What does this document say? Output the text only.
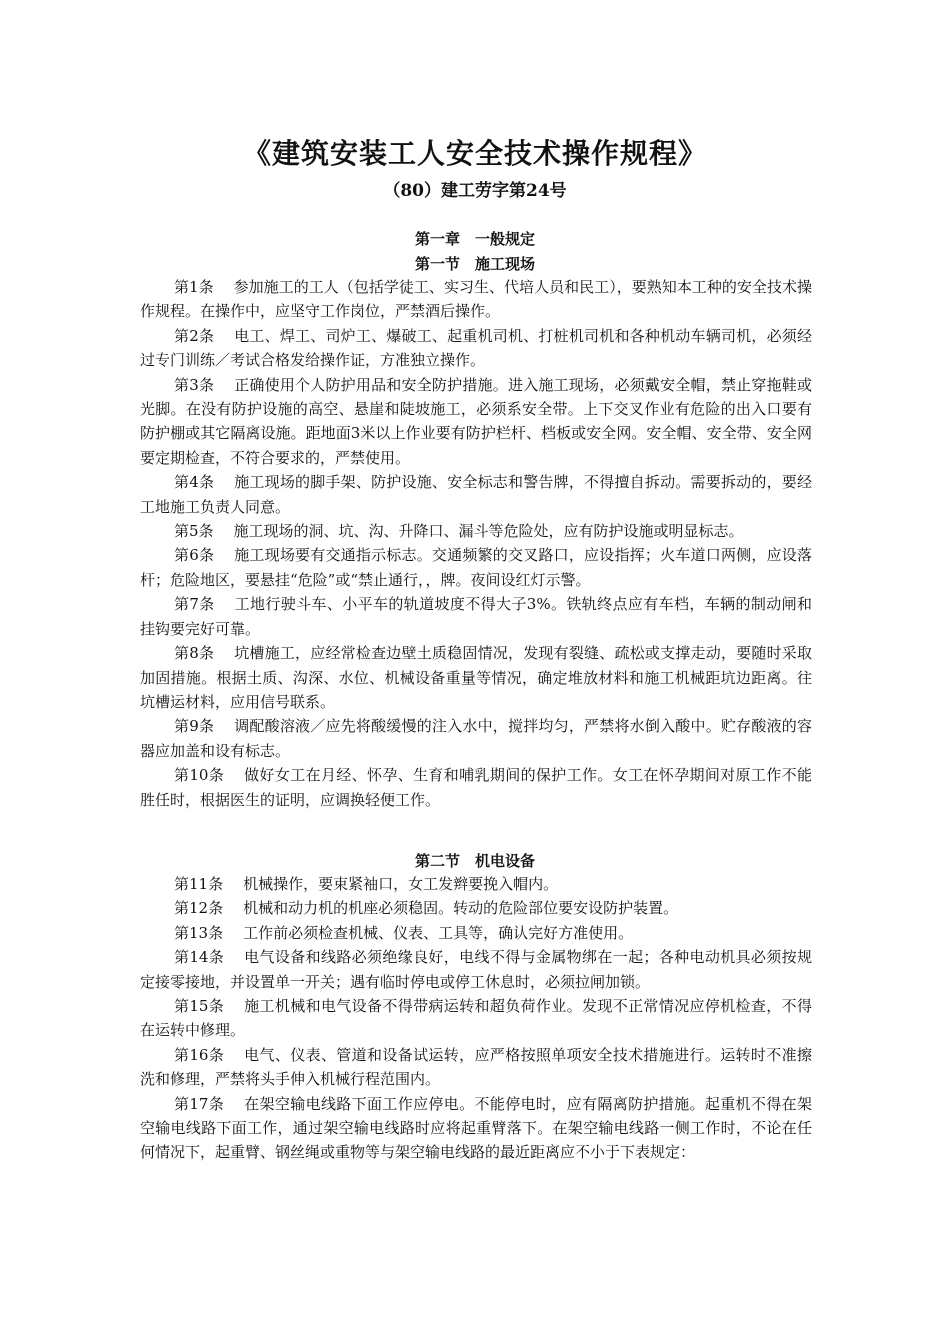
《建筑安装工人安全技术操作规程》
（80）建工劳字第24号
第一章　一般规定
第一节　施工现场

第1条 参加施工的工人（包括学徒工、实习生、代培人员和民工），要熟知本工种的安全技术操作规程。在操作中，应坚守工作岗位，严禁酒后操作。

第2条 电工、焊工、司炉工、爆破工、起重机司机、打桩机司机和各种机动车辆司机，必须经过专门训练／考试合格发给操作证，方准独立操作。

第3条 正确使用个人防护用品和安全防护措施。进入施工现场，必须戴安全帽，禁止穿拖鞋或光脚。在没有防护设施的高空、悬崖和陡坡施工，必须系安全带。上下交叉作业有危险的出入口要有防护棚或其它隔离设施。距地面3米以上作业要有防护栏杆、档板或安全网。安全帽、安全带、安全网要定期检查，不符合要求的，严禁使用。

第4条 施工现场的脚手架、防护设施、安全标志和警告牌，不得擅自拆动。需要拆动的，要经工地施工负责人同意。

第5条 施工现场的洞、坑、沟、升降口、漏斗等危险处，应有防护设施或明显标志。

第6条 施工现场要有交通指示标志。交通频繁的交叉路口，应设指挥；火车道口两侧，应设落杆；危险地区，要悬挂“危险”或“禁止通行，，牌。夜间设红灯示警。

第7条 工地行驶斗车、小平车的轨道坡度不得大子3%。铁轨终点应有车档，车辆的制动闸和挂钩要完好可靠。

第8条 坑槽施工，应经常检查边壁土质稳固情况，发现有裂缝、疏松或支撑走动，要随时采取加固措施。根据土质、沟深、水位、机械设备重量等情况，确定堆放材料和施工机械距坑边距离。往坑槽运材料，应用信号联系。

第9条 调配酸溶液／应先将酸缓慢的注入水中，搅拌均匀，严禁将水倒入酸中。贮存酸液的容器应加盖和设有标志。

第10条 做好女工在月经、怀孕、生育和哺乳期间的保护工作。女工在怀孕期间对原工作不能胜任时，根据医生的证明，应调换轻便工作。

第二节　机电设备

第11条 机械操作，要束紧袖口，女工发辫要挽入帽内。

第12条 机械和动力机的机座必须稳固。转动的危险部位要安设防护装置。

第13条 工作前必须检查机械、仪表、工具等，确认完好方准使用。

第14条 电气设备和线路必须绝缘良好，电线不得与金属物绑在一起；各种电动机具必须按规定接零接地，并设置单一开关；遇有临时停电或停工休息时，必须拉闸加锁。

第15条 施工机械和电气设备不得带病运转和超负荷作业。发现不正常情况应停机检查，不得在运转中修理。

第16条 电气、仪表、管道和设备试运转，应严格按照单项安全技术措施进行。运转时不准擦洗和修理，严禁将头手伸入机械行程范围内。

第17条 在架空输电线路下面工作应停电。不能停电时，应有隔离防护措施。起重机不得在架空输电线路下面工作，通过架空输电线路时应将起重臂落下。在架空输电线路一侧工作时，不论在任何情况下，起重臂、钢丝绳或重物等与架空输电线路的最近距离应不小于下表规定：
